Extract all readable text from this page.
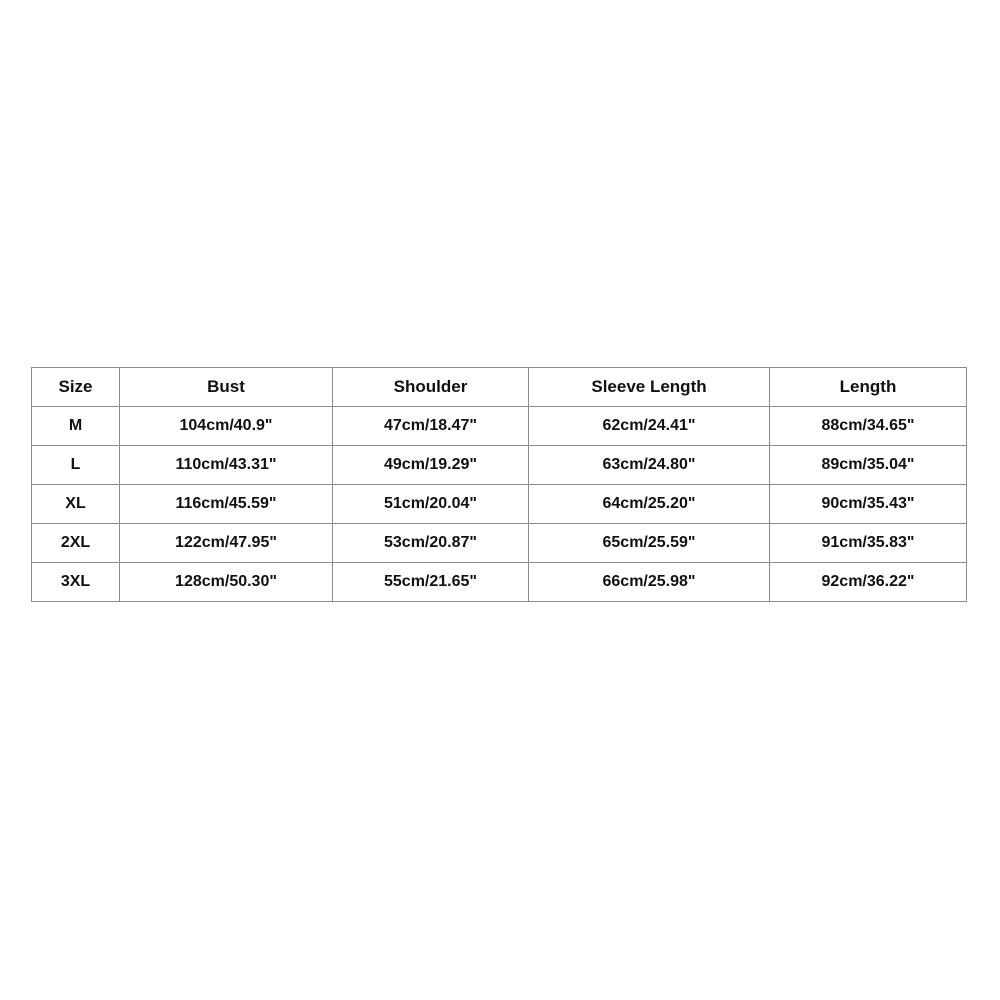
Size	Bust	Shoulder	Sleeve Length	Length
M	104cm/40.9"	47cm/18.47"	62cm/24.41"	88cm/34.65"
L	110cm/43.31"	49cm/19.29"	63cm/24.80"	89cm/35.04"
XL	116cm/45.59"	51cm/20.04"	64cm/25.20"	90cm/35.43"
2XL	122cm/47.95"	53cm/20.87"	65cm/25.59"	91cm/35.83"
3XL	128cm/50.30"	55cm/21.65"	66cm/25.98"	92cm/36.22"
